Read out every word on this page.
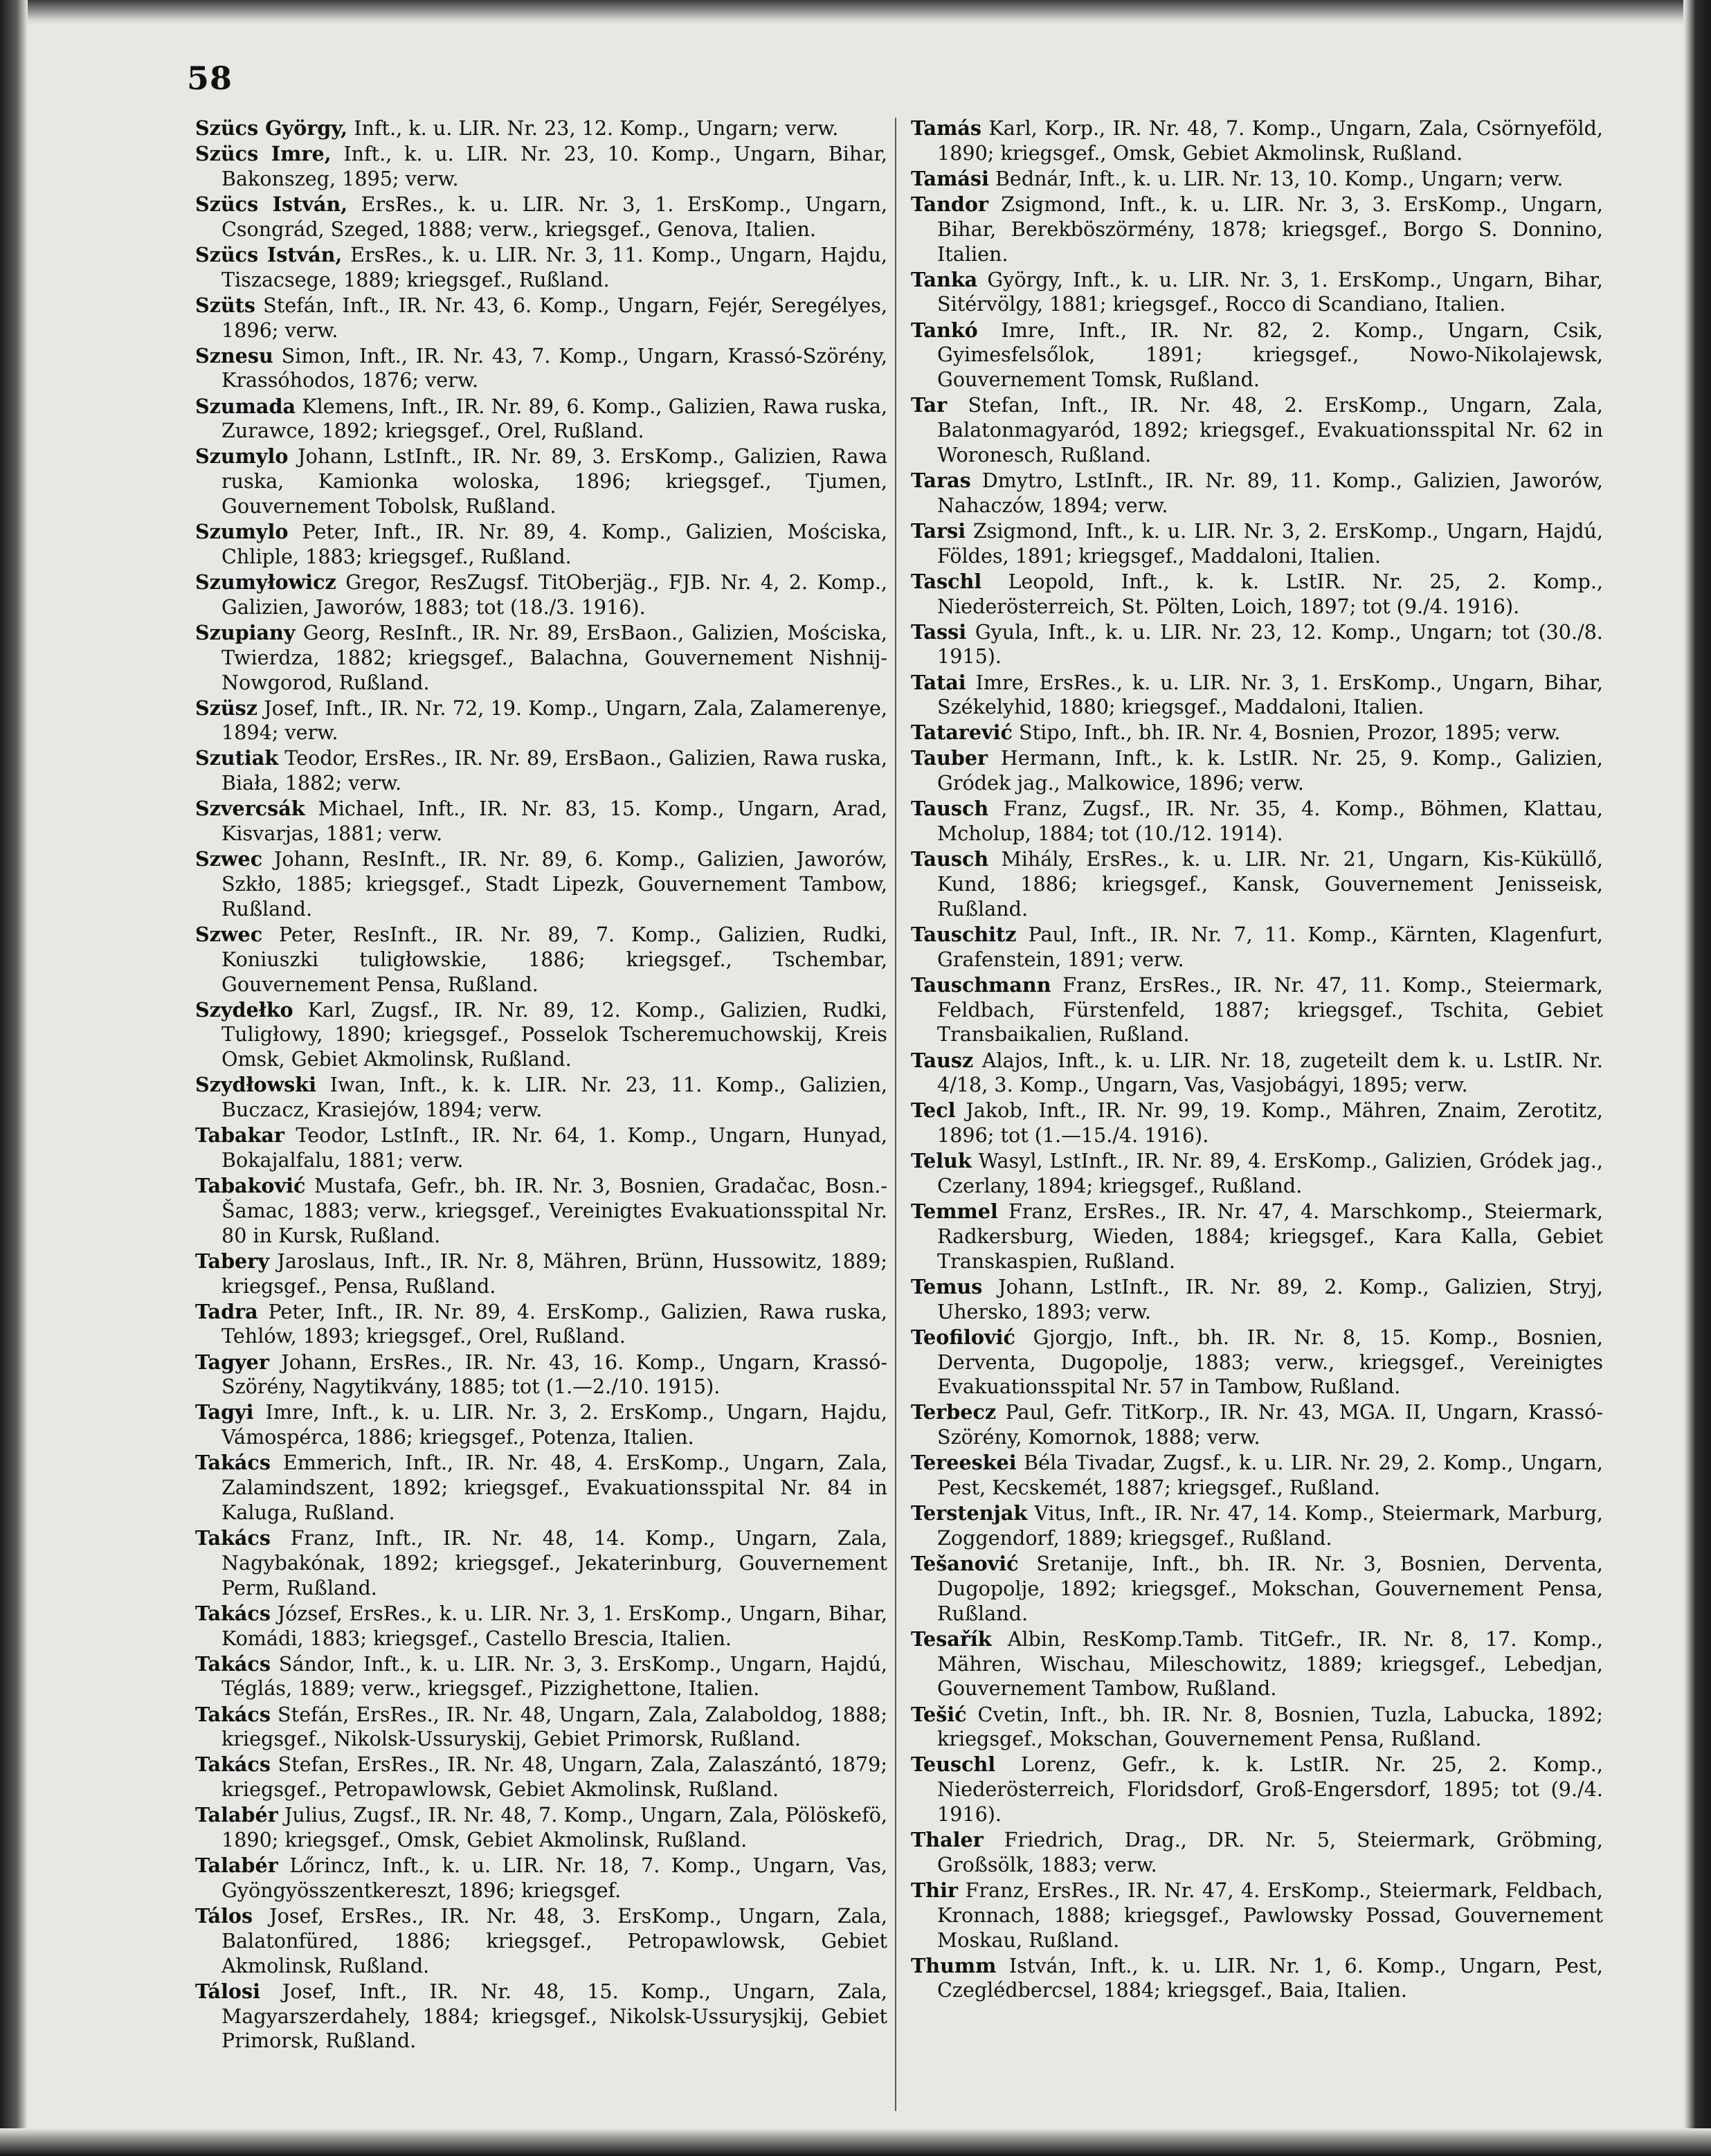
58

Szücs György, Inft., k. u. LIR. Nr. 23, 12. Komp., Ungarn; verw.

Szücs Imre, Inft., k. u. LIR. Nr. 23, 10. Komp., Ungarn, Bihar, Bakonszeg, 1895; verw.

Szücs István, ErsRes., k. u. LIR. Nr. 3, 1. ErsKomp., Ungarn, Csongrád, Szeged, 1888; verw., kriegsgef., Genova, Italien.

Szücs István, ErsRes., k. u. LIR. Nr. 3, 11. Komp., Ungarn, Hajdu, Tiszacsege, 1889; kriegsgef., Rußland.

Szüts Stefán, Inft., IR. Nr. 43, 6. Komp., Ungarn, Fejér, Seregélyes, 1896; verw.

Sznesu Simon, Inft., IR. Nr. 43, 7. Komp., Ungarn, Krassó-Szörény, Krassóhodos, 1876; verw.

Szumada Klemens, Inft., IR. Nr. 89, 6. Komp., Galizien, Rawa ruska, Zurawce, 1892; kriegsgef., Orel, Rußland.

Szumylo Johann, LstInft., IR. Nr. 89, 3. ErsKomp., Galizien, Rawa ruska, Kamionka woloska, 1896; kriegsgef., Tjumen, Gouvernement Tobolsk, Rußland.

Szumylo Peter, Inft., IR. Nr. 89, 4. Komp., Galizien, Mościska, Chliple, 1883; kriegsgef., Rußland.

Szumyłowicz Gregor, ResZugsf. TitOberjäg., FJB. Nr. 4, 2. Komp., Galizien, Jaworów, 1883; tot (18./3. 1916).

Szupiany Georg, ResInft., IR. Nr. 89, ErsBaon., Galizien, Mościska, Twierdza, 1882; kriegsgef., Balachna, Gouvernement Nishnij-Nowgorod, Rußland.

Szüsz Josef, Inft., IR. Nr. 72, 19. Komp., Ungarn, Zala, Zalamerenye, 1894; verw.

Szutiak Teodor, ErsRes., IR. Nr. 89, ErsBaon., Galizien, Rawa ruska, Biała, 1882; verw.

Szvercsák Michael, Inft., IR. Nr. 83, 15. Komp., Ungarn, Arad, Kisvarjas, 1881; verw.

Szwec Johann, ResInft., IR. Nr. 89, 6. Komp., Galizien, Jaworów, Szkło, 1885; kriegsgef., Stadt Lipezk, Gouvernement Tambow, Rußland.

Szwec Peter, ResInft., IR. Nr. 89, 7. Komp., Galizien, Rudki, Koniuszki tuligłowskie, 1886; kriegsgef., Tschembar, Gouvernement Pensa, Rußland.

Szydełko Karl, Zugsf., IR. Nr. 89, 12. Komp., Galizien, Rudki, Tuligłowy, 1890; kriegsgef., Posselok Tscheremuchowskij, Kreis Omsk, Gebiet Akmolinsk, Rußland.

Szydłowski Iwan, Inft., k. k. LIR. Nr. 23, 11. Komp., Galizien, Buczacz, Krasiejów, 1894; verw.

Tabakar Teodor, LstInft., IR. Nr. 64, 1. Komp., Ungarn, Hunyad, Bokajalfalu, 1881; verw.

Tabaković Mustafa, Gefr., bh. IR. Nr. 3, Bosnien, Gradačac, Bosn.-Šamac, 1883; verw., kriegsgef., Vereinigtes Evakuationsspital Nr. 80 in Kursk, Rußland.

Tabery Jaroslaus, Inft., IR. Nr. 8, Mähren, Brünn, Hussowitz, 1889; kriegsgef., Pensa, Rußland.

Tadra Peter, Inft., IR. Nr. 89, 4. ErsKomp., Galizien, Rawa ruska, Tehlów, 1893; kriegsgef., Orel, Rußland.

Tagyer Johann, ErsRes., IR. Nr. 43, 16. Komp., Ungarn, Krassó-Szörény, Nagytikvány, 1885; tot (1.—2./10. 1915).

Tagyi Imre, Inft., k. u. LIR. Nr. 3, 2. ErsKomp., Ungarn, Hajdu, Vámospérca, 1886; kriegsgef., Potenza, Italien.

Takács Emmerich, Inft., IR. Nr. 48, 4. ErsKomp., Ungarn, Zala, Zalamindszent, 1892; kriegsgef., Evakuationsspital Nr. 84 in Kaluga, Rußland.

Takács Franz, Inft., IR. Nr. 48, 14. Komp., Ungarn, Zala, Nagybakónak, 1892; kriegsgef., Jekaterinburg, Gouvernement Perm, Rußland.

Takács József, ErsRes., k. u. LIR. Nr. 3, 1. ErsKomp., Ungarn, Bihar, Komádi, 1883; kriegsgef., Castello Brescia, Italien.

Takács Sándor, Inft., k. u. LIR. Nr. 3, 3. ErsKomp., Ungarn, Hajdú, Téglás, 1889; verw., kriegsgef., Pizzighettone, Italien.

Takács Stefán, ErsRes., IR. Nr. 48, Ungarn, Zala, Zalaboldog, 1888; kriegsgef., Nikolsk-Ussuryskij, Gebiet Primorsk, Rußland.

Takács Stefan, ErsRes., IR. Nr. 48, Ungarn, Zala, Zalaszántó, 1879; kriegsgef., Petropawlowsk, Gebiet Akmolinsk, Rußland.

Talabér Julius, Zugsf., IR. Nr. 48, 7. Komp., Ungarn, Zala, Pölöskefö, 1890; kriegsgef., Omsk, Gebiet Akmolinsk, Rußland.

Talabér Lőrincz, Inft., k. u. LIR. Nr. 18, 7. Komp., Ungarn, Vas, Gyöngyösszentkereszt, 1896; kriegsgef.

Tálos Josef, ErsRes., IR. Nr. 48, 3. ErsKomp., Ungarn, Zala, Balatonfüred, 1886; kriegsgef., Petropawlowsk, Gebiet Akmolinsk, Rußland.

Tálosi Josef, Inft., IR. Nr. 48, 15. Komp., Ungarn, Zala, Magyarszerdahely, 1884; kriegsgef., Nikolsk-Ussurysjkij, Gebiet Primorsk, Rußland.

Tamás Karl, Korp., IR. Nr. 48, 7. Komp., Ungarn, Zala, Csörnyeföld, 1890; kriegsgef., Omsk, Gebiet Akmolinsk, Rußland.

Tamási Bednár, Inft., k. u. LIR. Nr. 13, 10. Komp., Ungarn; verw.

Tandor Zsigmond, Inft., k. u. LIR. Nr. 3, 3. ErsKomp., Ungarn, Bihar, Berekböszörmény, 1878; kriegsgef., Borgo S. Donnino, Italien.

Tanka György, Inft., k. u. LIR. Nr. 3, 1. ErsKomp., Ungarn, Bihar, Sitérvölgy, 1881; kriegsgef., Rocco di Scandiano, Italien.

Tankó Imre, Inft., IR. Nr. 82, 2. Komp., Ungarn, Csik, Gyimesfelsőlok, 1891; kriegsgef., Nowo-Nikolajewsk, Gouvernement Tomsk, Rußland.

Tar Stefan, Inft., IR. Nr. 48, 2. ErsKomp., Ungarn, Zala, Balatonmagyaród, 1892; kriegsgef., Evakuationsspital Nr. 62 in Woronesch, Rußland.

Taras Dmytro, LstInft., IR. Nr. 89, 11. Komp., Galizien, Jaworów, Nahaczów, 1894; verw.

Tarsi Zsigmond, Inft., k. u. LIR. Nr. 3, 2. ErsKomp., Ungarn, Hajdú, Földes, 1891; kriegsgef., Maddaloni, Italien.

Taschl Leopold, Inft., k. k. LstIR. Nr. 25, 2. Komp., Niederösterreich, St. Pölten, Loich, 1897; tot (9./4. 1916).

Tassi Gyula, Inft., k. u. LIR. Nr. 23, 12. Komp., Ungarn; tot (30./8. 1915).

Tatai Imre, ErsRes., k. u. LIR. Nr. 3, 1. ErsKomp., Ungarn, Bihar, Székelyhid, 1880; kriegsgef., Maddaloni, Italien.

Tatarević Stipo, Inft., bh. IR. Nr. 4, Bosnien, Prozor, 1895; verw.

Tauber Hermann, Inft., k. k. LstIR. Nr. 25, 9. Komp., Galizien, Gródek jag., Malkowice, 1896; verw.

Tausch Franz, Zugsf., IR. Nr. 35, 4. Komp., Böhmen, Klattau, Mcholup, 1884; tot (10./12. 1914).

Tausch Mihály, ErsRes., k. u. LIR. Nr. 21, Ungarn, Kis-Küküllő, Kund, 1886; kriegsgef., Kansk, Gouvernement Jenisseisk, Rußland.

Tauschitz Paul, Inft., IR. Nr. 7, 11. Komp., Kärnten, Klagenfurt, Grafenstein, 1891; verw.

Tauschmann Franz, ErsRes., IR. Nr. 47, 11. Komp., Steiermark, Feldbach, Fürstenfeld, 1887; kriegsgef., Tschita, Gebiet Transbaikalien, Rußland.

Tausz Alajos, Inft., k. u. LIR. Nr. 18, zugeteilt dem k. u. LstIR. Nr. 4/18, 3. Komp., Ungarn, Vas, Vasjobágyi, 1895; verw.

Tecl Jakob, Inft., IR. Nr. 99, 19. Komp., Mähren, Znaim, Zerotitz, 1896; tot (1.—15./4. 1916).

Teluk Wasyl, LstInft., IR. Nr. 89, 4. ErsKomp., Galizien, Gródek jag., Czerlany, 1894; kriegsgef., Rußland.

Temmel Franz, ErsRes., IR. Nr. 47, 4. Marschkomp., Steiermark, Radkersburg, Wieden, 1884; kriegsgef., Kara Kalla, Gebiet Transkaspien, Rußland.

Temus Johann, LstInft., IR. Nr. 89, 2. Komp., Galizien, Stryj, Uhersko, 1893; verw.

Teofilović Gjorgjo, Inft., bh. IR. Nr. 8, 15. Komp., Bosnien, Derventa, Dugopolje, 1883; verw., kriegsgef., Vereinigtes Evakuationsspital Nr. 57 in Tambow, Rußland.

Terbecz Paul, Gefr. TitKorp., IR. Nr. 43, MGA. II, Ungarn, Krassó-Szörény, Komornok, 1888; verw.

Tereeskei Béla Tivadar, Zugsf., k. u. LIR. Nr. 29, 2. Komp., Ungarn, Pest, Kecskemét, 1887; kriegsgef., Rußland.

Terstenjak Vitus, Inft., IR. Nr. 47, 14. Komp., Steiermark, Marburg, Zoggendorf, 1889; kriegsgef., Rußland.

Tešanović Sretanije, Inft., bh. IR. Nr. 3, Bosnien, Derventa, Dugopolje, 1892; kriegsgef., Mokschan, Gouvernement Pensa, Rußland.

Tesařík Albin, ResKomp.Tamb. TitGefr., IR. Nr. 8, 17. Komp., Mähren, Wischau, Mileschowitz, 1889; kriegsgef., Lebedjan, Gouvernement Tambow, Rußland.

Tešić Cvetin, Inft., bh. IR. Nr. 8, Bosnien, Tuzla, Labucka, 1892; kriegsgef., Mokschan, Gouvernement Pensa, Rußland.

Teuschl Lorenz, Gefr., k. k. LstIR. Nr. 25, 2. Komp., Niederösterreich, Floridsdorf, Groß-Engersdorf, 1895; tot (9./4. 1916).

Thaler Friedrich, Drag., DR. Nr. 5, Steiermark, Gröbming, Großsölk, 1883; verw.

Thir Franz, ErsRes., IR. Nr. 47, 4. ErsKomp., Steiermark, Feldbach, Kronnach, 1888; kriegsgef., Pawlowsky Possad, Gouvernement Moskau, Rußland.

Thumm István, Inft., k. u. LIR. Nr. 1, 6. Komp., Ungarn, Pest, Czeglédbercsel, 1884; kriegsgef., Baia, Italien.
